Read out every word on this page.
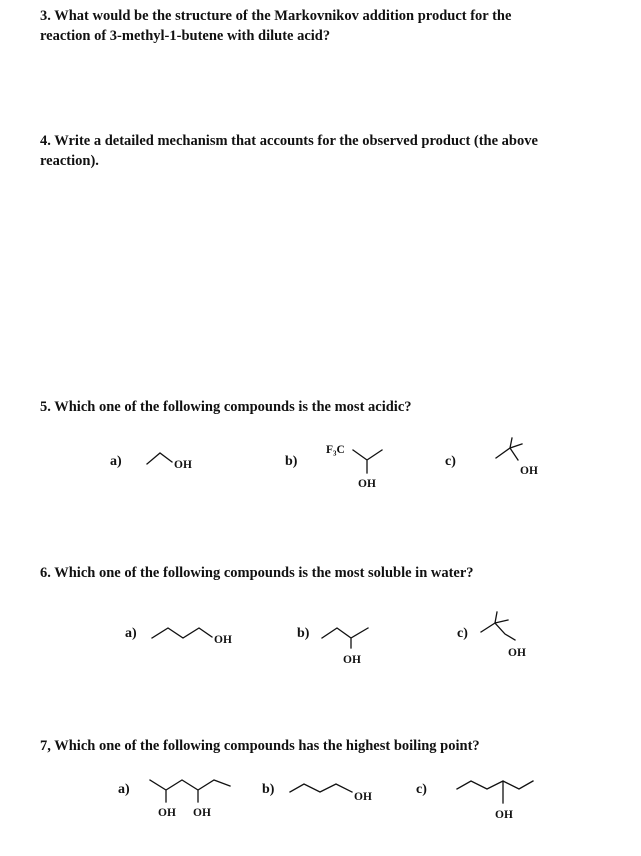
3. What would be the structure of the Markovnikov addition product for the

reaction of 3-methyl-1-butene with dilute acid?

4. Write a detailed mechanism that accounts for the observed product (the above

reaction).

5. Which one of the following compounds is the most acidic?

a)	OH	b)
F₃C
OH
c)
OH

6. Which one of the following compounds is the most soluble in water?

a)	OH	b)
OH
c)
OH

7, Which one of the following compounds has the highest boiling point?

a)
OH OH
b)	OH	c)
OH
